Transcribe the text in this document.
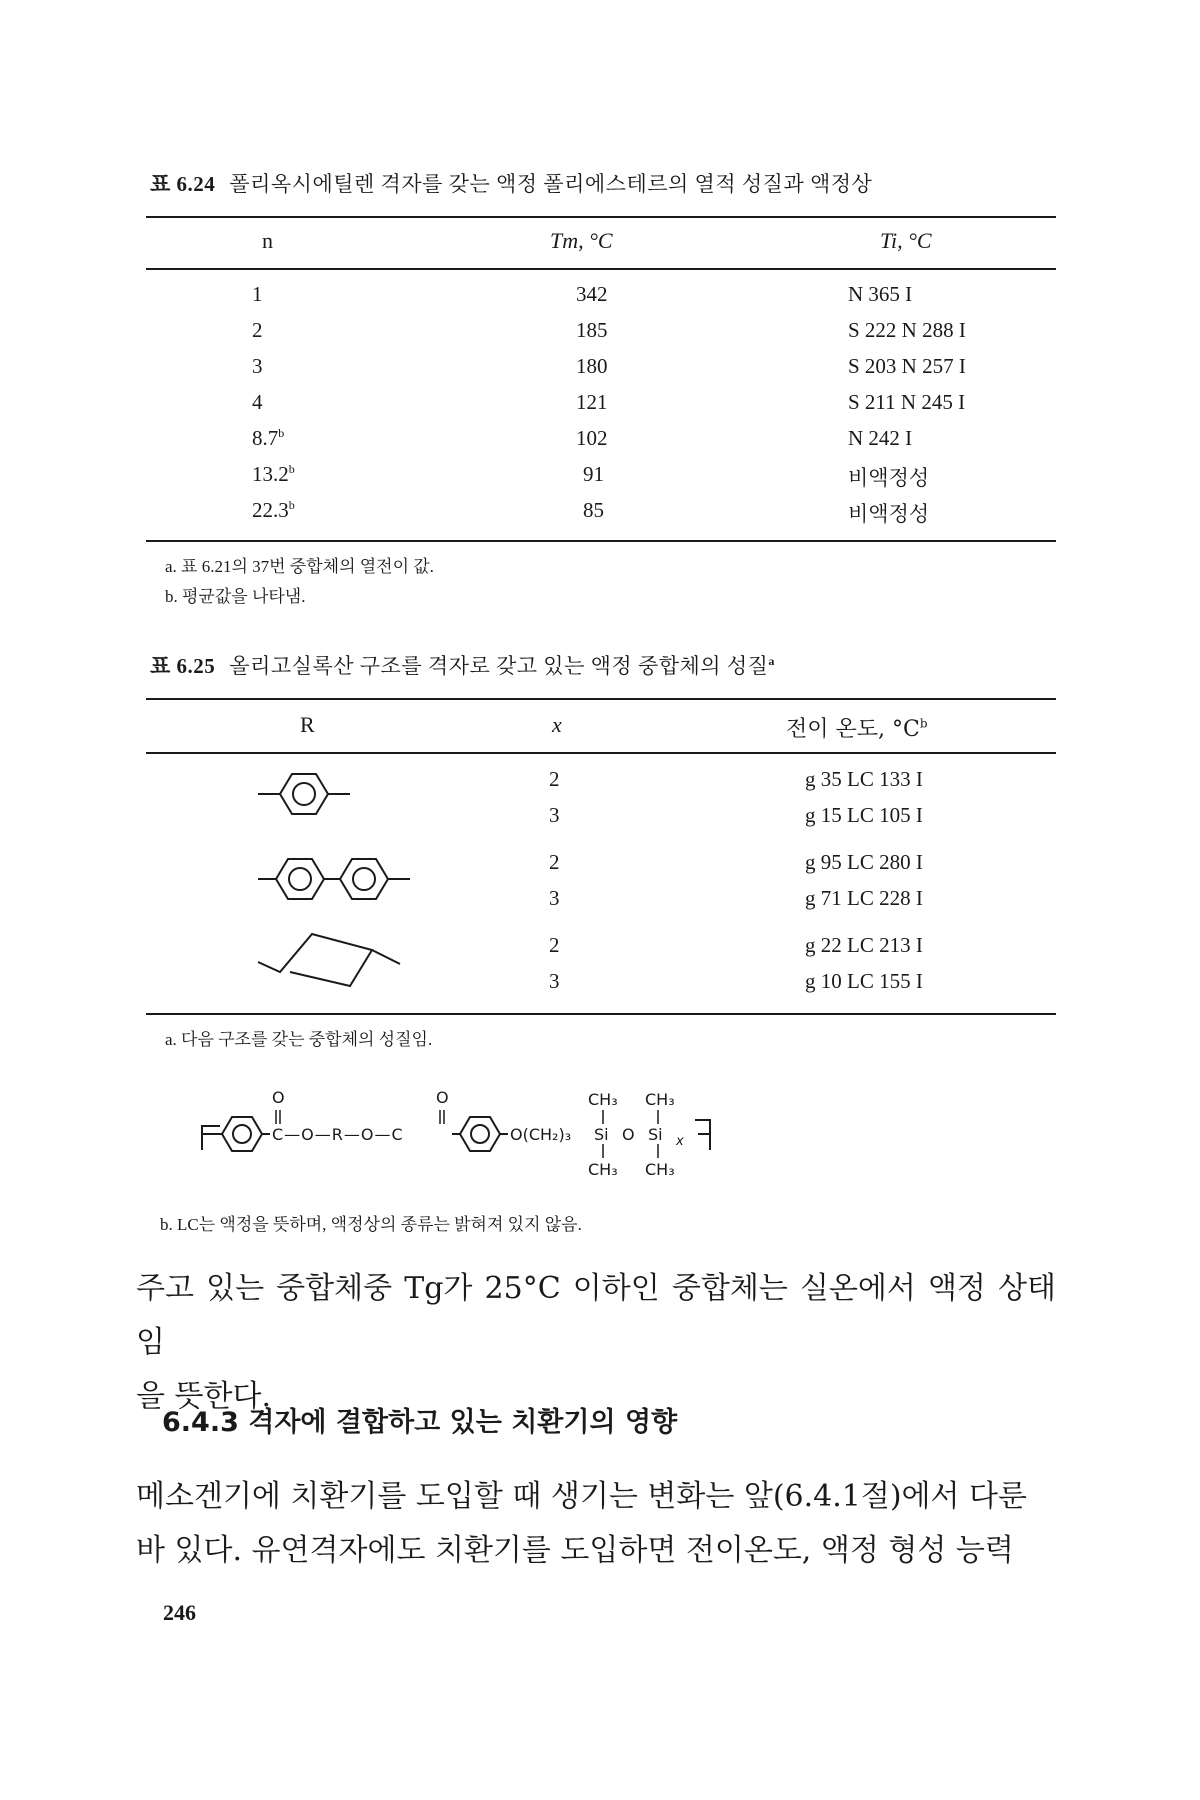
표 6.24 폴리옥시에틸렌 격자를 갖는 액정 폴리에스테르의 열적 성질과 액정상
n	Tm, °C	Ti, °C
1	342	N 365 I
2	185	S 222 N 288 I
3	180	S 203 N 257 I
4	121	S 211 N 245 I
8.7$^b$	102	N 242 I
13.2$^b$	91	비액정성
22.3$^b$	85	비액정성
a. 표 6.21의 37번 중합체의 열전이 값.
b. 평균값을 나타냄.
표 6.25 올리고실록산 구조를 격자로 갖고 있는 액정 중합체의 성질$^a$
R	x	전이 온도, $^\circ C^b$
2	g 35 LC 133 I
3	g 15 LC 105 I
2	g 95 LC 280 I
3	g 71 LC 228 I
2	g 22 LC 213 I
3	g 10 LC 155 I
a. 다음 구조를 갖는 중합체의 성질임.
O	O
C—O—R—O—C	O(CH₂)₃ Si O Si x
CH₃ CH₃
CH₃ CH₃
b. LC는 액정을 뜻하며, 액정상의 종류는 밝혀져 있지 않음.
주고 있는 중합체중 Tg가 25°C 이하인 중합체는 실온에서 액정 상태임
을 뜻한다.
6.4.3 격자에 결합하고 있는 치환기의 영향
메소겐기에 치환기를 도입할 때 생기는 변화는 앞(6.4.1절)에서 다룬
바 있다. 유연격자에도 치환기를 도입하면 전이온도, 액정 형성 능력
246
